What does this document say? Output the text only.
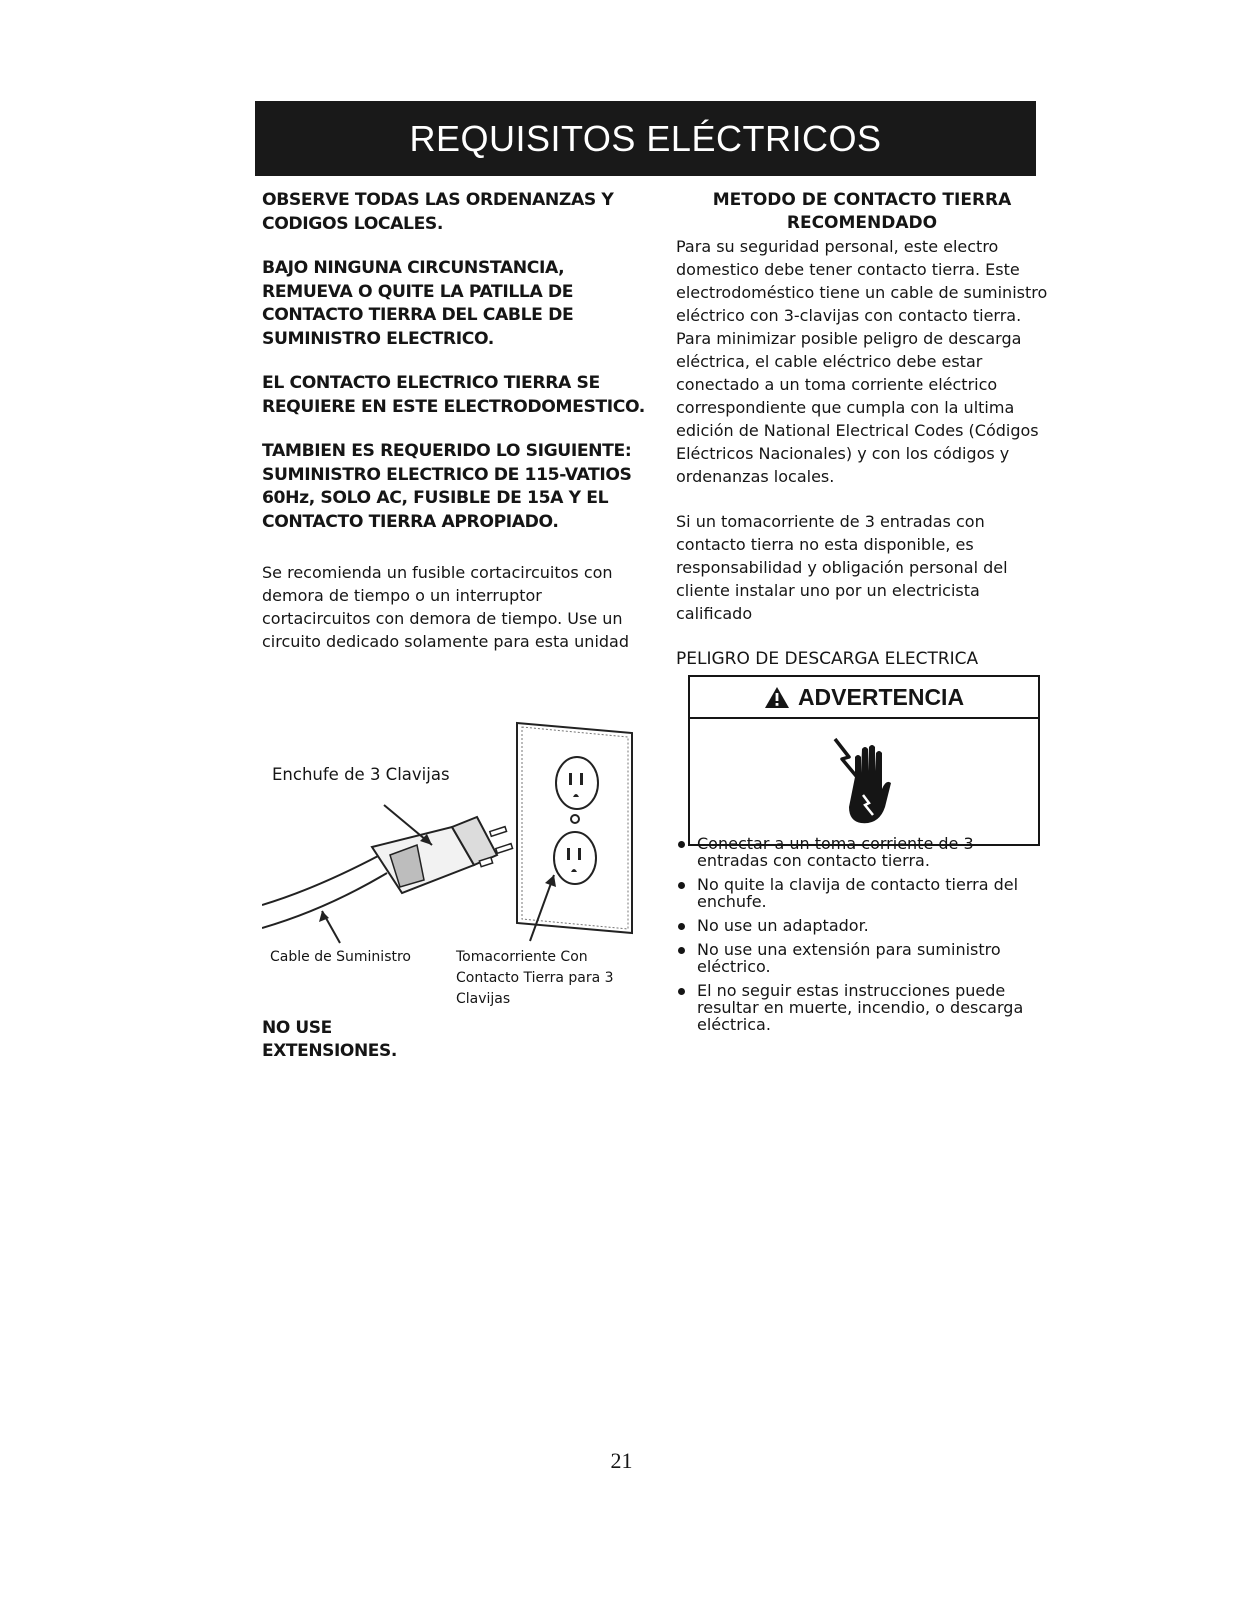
REQUISITOS ELÉCTRICOS

OBSERVE TODAS LAS ORDENANZAS Y CODIGOS LOCALES.

BAJO NINGUNA CIRCUNSTANCIA, REMUEVA O QUITE LA PATILLA DE CONTACTO TIERRA DEL CABLE DE SUMINISTRO ELECTRICO.

EL CONTACTO ELECTRICO TIERRA SE REQUIERE EN ESTE ELECTRODOMESTICO.

TAMBIEN ES REQUERIDO LO SIGUIENTE: SUMINISTRO ELECTRICO DE 115-VATIOS 60Hz, SOLO AC, FUSIBLE DE 15A Y EL CONTACTO TIERRA APROPIADO.

Se recomienda un fusible cortacircuitos con demora de tiempo o un interruptor cortacircuitos con demora de tiempo. Use un circuito dedicado solamente para esta unidad

Enchufe de 3 Clavijas
Cable de Suministro	Tomacorriente Con Contacto Tierra para 3 Clavijas
NO USE EXTENSIONES.
METODO DE CONTACTO TIERRA
RECOMENDADO

Para su seguridad personal, este electro domestico debe tener contacto tierra. Este electrodoméstico tiene un cable de suministro eléctrico con 3-clavijas con contacto tierra. Para minimizar posible peligro de descarga eléctrica, el cable eléctrico debe estar conectado a un toma corriente eléctrico correspondiente que cumpla con la ultima edición de National Electrical Codes (Códigos Eléctricos Nacionales) y con los códigos y ordenanzas locales.

Si un tomacorriente de 3 entradas con contacto tierra no esta disponible, es responsabilidad y obligación personal del cliente instalar uno por un electricista calificado

PELIGRO DE DESCARGA ELECTRICA
ADVERTENCIA
Conectar a un toma corriente de 3 entradas con contacto tierra.
No quite la clavija de contacto tierra del enchufe.
No use un adaptador.
No use una extensión para suministro eléctrico.
El no seguir estas instrucciones puede resultar en muerte, incendio, o descarga eléctrica.
21
